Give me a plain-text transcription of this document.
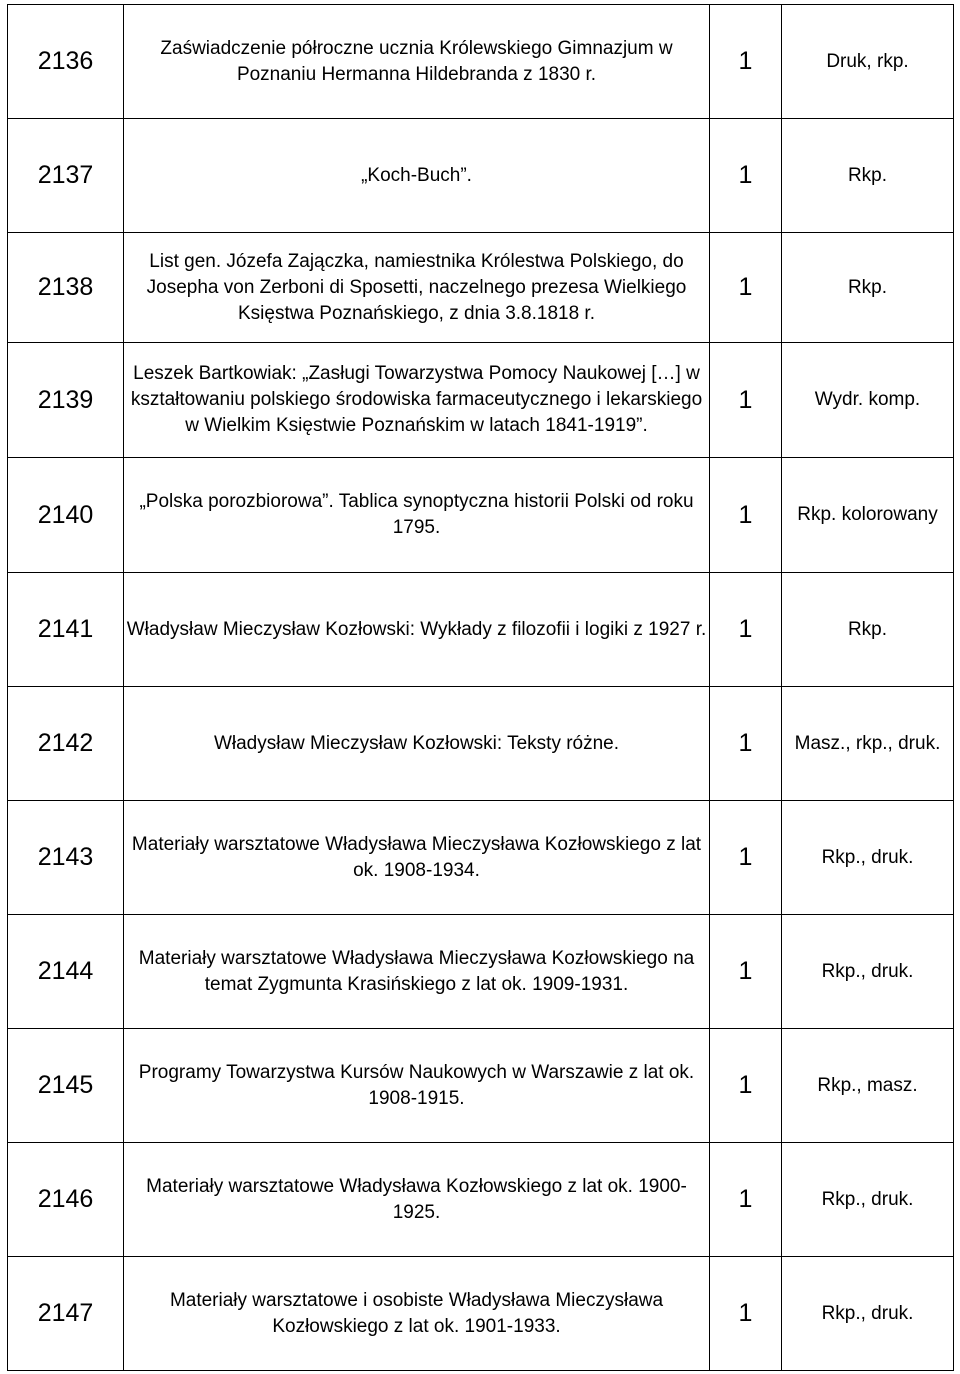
2136	Zaświadczenie półroczne ucznia Królewskiego Gimnazjum w Poznaniu Hermanna Hildebranda z 1830 r.	1	Druk, rkp.
2137	„Koch-Buch”.	1	Rkp.
2138	List gen. Józefa Zajączka, namiestnika Królestwa Polskiego, do Josepha von Zerboni di Sposetti, naczelnego prezesa Wielkiego Księstwa Poznańskiego, z dnia 3.8.1818 r.	1	Rkp.
2139	Leszek Bartkowiak: „Zasługi Towarzystwa Pomocy Naukowej […] w kształtowaniu polskiego środowiska farmaceutycznego i lekarskiego w Wielkim Księstwie Poznańskim w latach 1841-1919”.	1	Wydr. komp.
2140	„Polska porozbiorowa”. Tablica synoptyczna historii Polski od roku 1795.	1	Rkp. kolorowany
2141	Władysław Mieczysław Kozłowski: Wykłady z filozofii i logiki z 1927 r.	1	Rkp.
2142	Władysław Mieczysław Kozłowski: Teksty różne.	1	Masz., rkp., druk.
2143	Materiały warsztatowe Władysława Mieczysława Kozłowskiego z lat ok. 1908-1934.	1	Rkp., druk.
2144	Materiały warsztatowe Władysława Mieczysława Kozłowskiego na temat Zygmunta Krasińskiego z lat ok. 1909-1931.	1	Rkp., druk.
2145	Programy Towarzystwa Kursów Naukowych w Warszawie z lat ok. 1908-1915.	1	Rkp., masz.
2146	Materiały warsztatowe Władysława Kozłowskiego z lat ok. 1900-1925.	1	Rkp., druk.
2147	Materiały warsztatowe i osobiste Władysława Mieczysława Kozłowskiego z lat ok. 1901-1933.	1	Rkp., druk.
